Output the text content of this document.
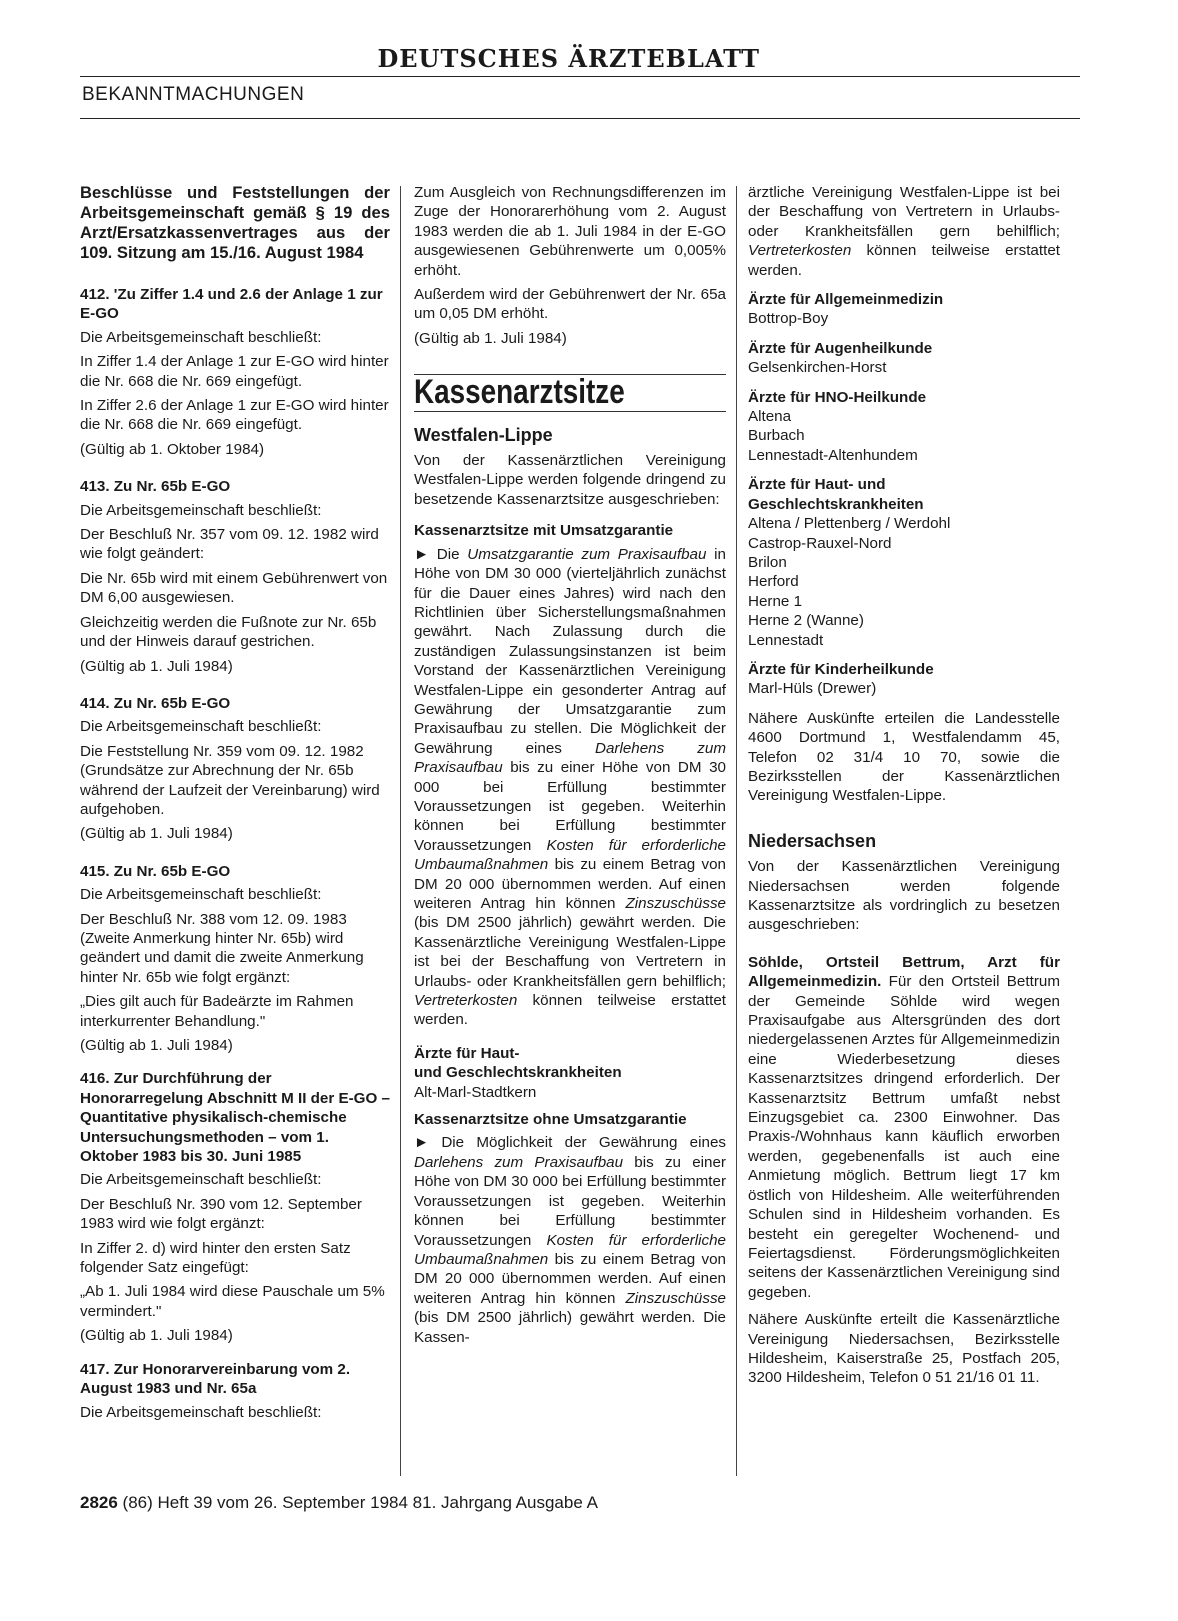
DEUTSCHES ÄRZTEBLATT
BEKANNTMACHUNGEN
Beschlüsse und Feststellungen der Arbeitsgemeinschaft gemäß § 19 des Arzt/Ersatzkassenvertrages aus der 109. Sitzung am 15./16. August 1984
412. 'Zu Ziffer 1.4 und 2.6 der Anlage 1 zur E-GO

Die Arbeitsgemeinschaft beschließt:

In Ziffer 1.4 der Anlage 1 zur E-GO wird hinter die Nr. 668 die Nr. 669 eingefügt.

In Ziffer 2.6 der Anlage 1 zur E-GO wird hinter die Nr. 668 die Nr. 669 eingefügt.

(Gültig ab 1. Oktober 1984)

413. Zu Nr. 65b E-GO

Die Arbeitsgemeinschaft beschließt:

Der Beschluß Nr. 357 vom 09. 12. 1982 wird wie folgt geändert:

Die Nr. 65b wird mit einem Gebührenwert von DM 6,00 ausgewiesen.

Gleichzeitig werden die Fußnote zur Nr. 65b und der Hinweis darauf gestrichen.

(Gültig ab 1. Juli 1984)

414. Zu Nr. 65b E-GO

Die Arbeitsgemeinschaft beschließt:

Die Feststellung Nr. 359 vom 09. 12. 1982 (Grundsätze zur Abrechnung der Nr. 65b während der Laufzeit der Vereinbarung) wird aufgehoben.

(Gültig ab 1. Juli 1984)

415. Zu Nr. 65b E-GO

Die Arbeitsgemeinschaft beschließt:

Der Beschluß Nr. 388 vom 12. 09. 1983 (Zweite Anmerkung hinter Nr. 65b) wird geändert und damit die zweite Anmerkung hinter Nr. 65b wie folgt ergänzt:

„Dies gilt auch für Badeärzte im Rahmen interkurrenter Behandlung."

(Gültig ab 1. Juli 1984)

416. Zur Durchführung der Honorarregelung Abschnitt M II der E-GO – Quantitative physikalisch-chemische Untersuchungsmethoden – vom 1. Oktober 1983 bis 30. Juni 1985

Die Arbeitsgemeinschaft beschließt:

Der Beschluß Nr. 390 vom 12. September 1983 wird wie folgt ergänzt:

In Ziffer 2. d) wird hinter den ersten Satz folgender Satz eingefügt:

„Ab 1. Juli 1984 wird diese Pauschale um 5% vermindert."

(Gültig ab 1. Juli 1984)

417. Zur Honorarvereinbarung vom 2. August 1983 und Nr. 65a

Die Arbeitsgemeinschaft beschließt:

Zum Ausgleich von Rechnungsdifferenzen im Zuge der Honorarerhöhung vom 2. August 1983 werden die ab 1. Juli 1984 in der E-GO ausgewiesenen Gebührenwerte um 0,005% erhöht.

Außerdem wird der Gebührenwert der Nr. 65a um 0,05 DM erhöht.

(Gültig ab 1. Juli 1984)

Kassenarztsitze
Westfalen-Lippe

Von der Kassenärztlichen Vereinigung Westfalen-Lippe werden folgende dringend zu besetzende Kassenarztsitze ausgeschrieben:

Kassenarztsitze mit Umsatzgarantie

► Die Umsatzgarantie zum Praxisaufbau in Höhe von DM 30 000 (vierteljährlich zunächst für die Dauer eines Jahres) wird nach den Richtlinien über Sicherstellungsmaßnahmen gewährt. Nach Zulassung durch die zuständigen Zulassungsinstanzen ist beim Vorstand der Kassenärztlichen Vereinigung Westfalen-Lippe ein gesonderter Antrag auf Gewährung der Umsatzgarantie zum Praxisaufbau zu stellen. Die Möglichkeit der Gewährung eines Darlehens zum Praxisaufbau bis zu einer Höhe von DM 30 000 bei Erfüllung bestimmter Voraussetzungen ist gegeben. Weiterhin können bei Erfüllung bestimmter Voraussetzungen Kosten für erforderliche Umbaumaßnahmen bis zu einem Betrag von DM 20 000 übernommen werden. Auf einen weiteren Antrag hin können Zinszuschüsse (bis DM 2500 jährlich) gewährt werden. Die Kassenärztliche Vereinigung Westfalen-Lippe ist bei der Beschaffung von Vertretern in Urlaubs- oder Krankheitsfällen gern behilflich; Vertreterkosten können teilweise erstattet werden.

Ärzte für Haut-
und Geschlechtskrankheiten
Alt-Marl-Stadtkern
Kassenarztsitze ohne Umsatzgarantie

► Die Möglichkeit der Gewährung eines Darlehens zum Praxisaufbau bis zu einer Höhe von DM 30 000 bei Erfüllung bestimmter Voraussetzungen ist gegeben. Weiterhin können bei Erfüllung bestimmter Voraussetzungen Kosten für erforderliche Umbaumaßnahmen bis zu einem Betrag von DM 20 000 übernommen werden. Auf einen weiteren Antrag hin können Zinszuschüsse (bis DM 2500 jährlich) gewährt werden. Die Kassen-

ärztliche Vereinigung Westfalen-Lippe ist bei der Beschaffung von Vertretern in Urlaubs- oder Krankheitsfällen gern behilflich; Vertreterkosten können teilweise erstattet werden.

Ärzte für Allgemeinmedizin
Bottrop-Boy
Ärzte für Augenheilkunde
Gelsenkirchen-Horst
Ärzte für HNO-Heilkunde
Altena
Burbach
Lennestadt-Altenhundem
Ärzte für Haut- und
Geschlechtskrankheiten
Altena / Plettenberg / Werdohl
Castrop-Rauxel-Nord
Brilon
Herford
Herne 1
Herne 2 (Wanne)
Lennestadt
Ärzte für Kinderheilkunde
Marl-Hüls (Drewer)

Nähere Auskünfte erteilen die Landesstelle 4600 Dortmund 1, Westfalendamm 45, Telefon 02 31/4 10 70, sowie die Bezirksstellen der Kassenärztlichen Vereinigung Westfalen-Lippe.

Niedersachsen

Von der Kassenärztlichen Vereinigung Niedersachsen werden folgende Kassenarztsitze als vordringlich zu besetzen ausgeschrieben:

Söhlde, Ortsteil Bettrum, Arzt für Allgemeinmedizin. Für den Ortsteil Bettrum der Gemeinde Söhlde wird wegen Praxisaufgabe aus Altersgründen des dort niedergelassenen Arztes für Allgemeinmedizin eine Wiederbesetzung dieses Kassenarztsitzes dringend erforderlich. Der Kassenarztsitz Bettrum umfaßt nebst Einzugsgebiet ca. 2300 Einwohner. Das Praxis-/Wohnhaus kann käuflich erworben werden, gegebenenfalls ist auch eine Anmietung möglich. Bettrum liegt 17 km östlich von Hildesheim. Alle weiterführenden Schulen sind in Hildesheim vorhanden. Es besteht ein geregelter Wochenend- und Feiertagsdienst. Förderungsmöglichkeiten seitens der Kassenärztlichen Vereinigung sind gegeben.

Nähere Auskünfte erteilt die Kassenärztliche Vereinigung Niedersachsen, Bezirksstelle Hildesheim, Kaiserstraße 25, Postfach 205, 3200 Hildesheim, Telefon 0 51 21/16 01 11.

2826 (86) Heft 39 vom 26. September 1984 81. Jahrgang Ausgabe A
